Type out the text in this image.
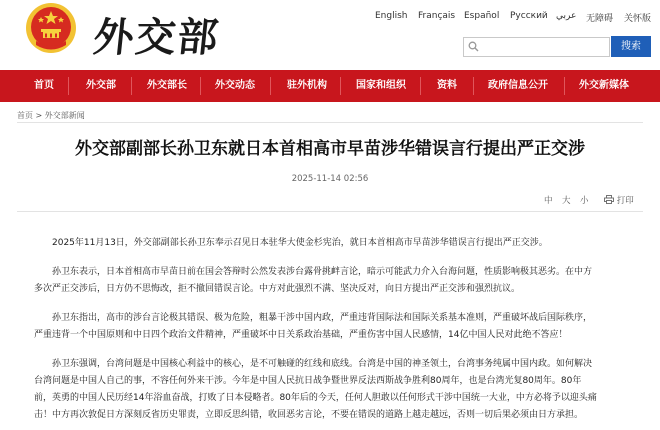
外交部	English Français Español Русский عربي 无障碍 关怀版
搜索
首页	外交部	外交部长	外交动态	驻外机构	国家和组织	资料	政府信息公开	外交新媒体
首页 > 外交部新闻
外交部副部长孙卫东就日本首相高市早苗涉华错误言行提出严正交涉
2025-11-14 02:56
中 大 小	打印

2025年11月13日，外交部副部长孙卫东奉示召见日本驻华大使金杉宪治，就日本首相高市早苗涉华错误言行提出严正交涉。

孙卫东表示，日本首相高市早苗日前在国会答辩时公然发表涉台露骨挑衅言论，暗示可能武力介入台海问题，性质影响极其恶劣。在中方
多次严正交涉后，日方仍不思悔改，拒不撤回错误言论。中方对此强烈不满、坚决反对，向日方提出严正交涉和强烈抗议。

孙卫东指出，高市的涉台言论极其错误、极为危险，粗暴干涉中国内政，严重违背国际法和国际关系基本准则，严重破坏战后国际秩序，
严重违背一个中国原则和中日四个政治文件精神，严重破坏中日关系政治基础，严重伤害中国人民感情，14亿中国人民对此绝不答应！

孙卫东强调，台湾问题是中国核心利益中的核心，是不可触碰的红线和底线。台湾是中国的神圣领土，台湾事务纯属中国内政。如何解决
台湾问题是中国人自己的事，不容任何外来干涉。今年是中国人民抗日战争暨世界反法西斯战争胜利80周年，也是台湾光复80周年。80年
前，英勇的中国人民历经14年浴血奋战，打败了日本侵略者。80年后的今天，任何人胆敢以任何形式干涉中国统一大业，中方必将予以迎头痛
击！中方再次敦促日方深刻反省历史罪责，立即反思纠错，收回恶劣言论，不要在错误的道路上越走越远，否则一切后果必须由日方承担。
